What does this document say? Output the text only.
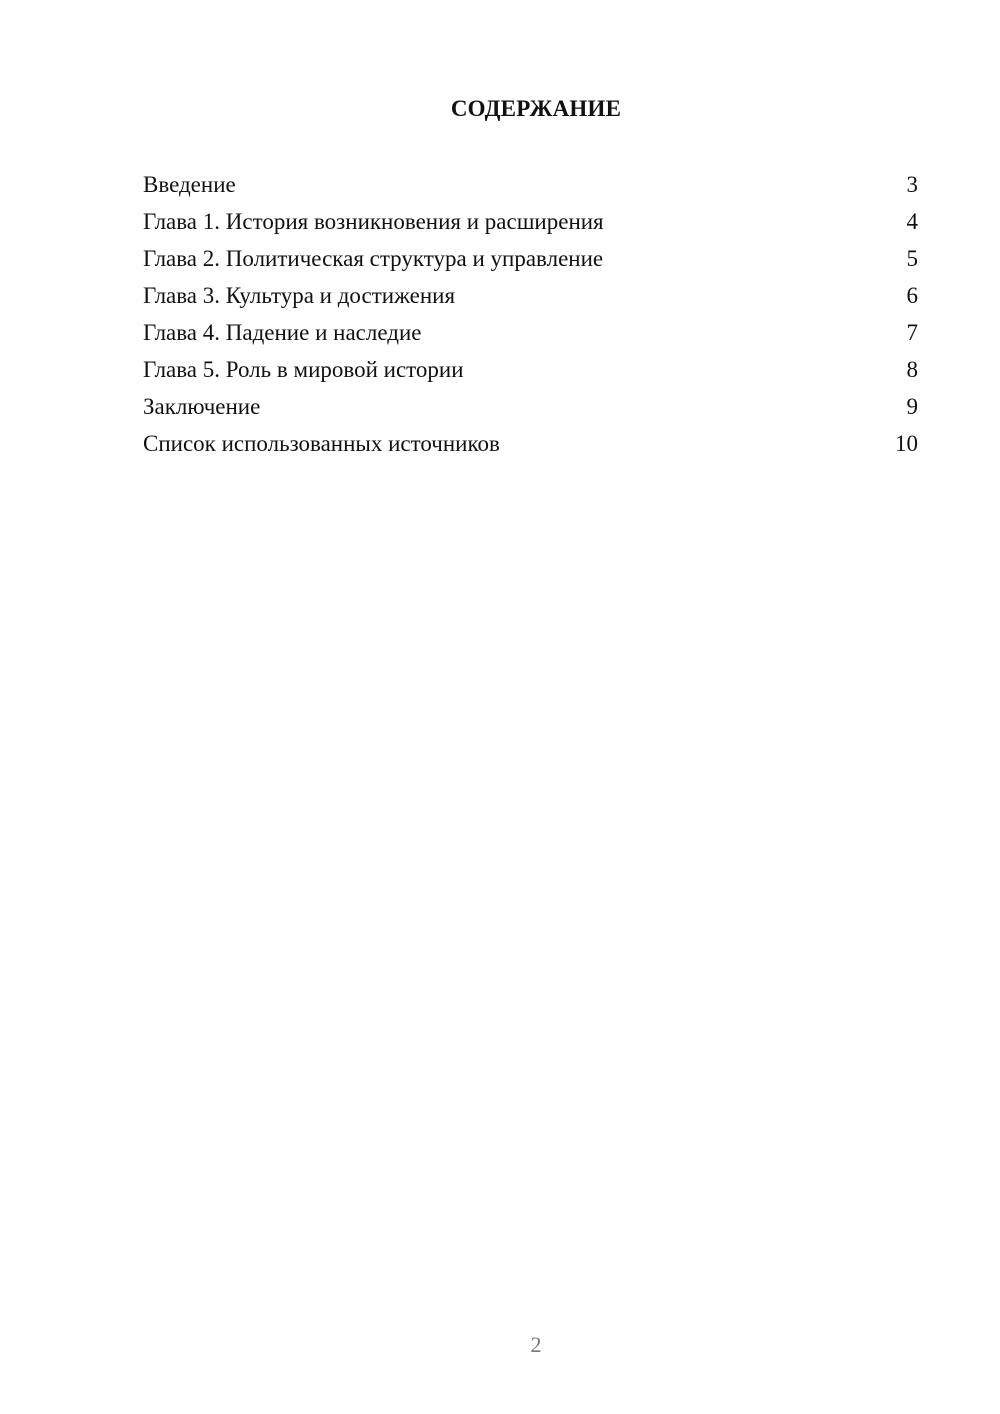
СОДЕРЖАНИЕ
Введение	3
Глава 1. История возникновения и расширения	4
Глава 2. Политическая структура и управление	5
Глава 3. Культура и достижения	6
Глава 4. Падение и наследие	7
Глава 5. Роль в мировой истории	8
Заключение	9
Список использованных источников	10
2
